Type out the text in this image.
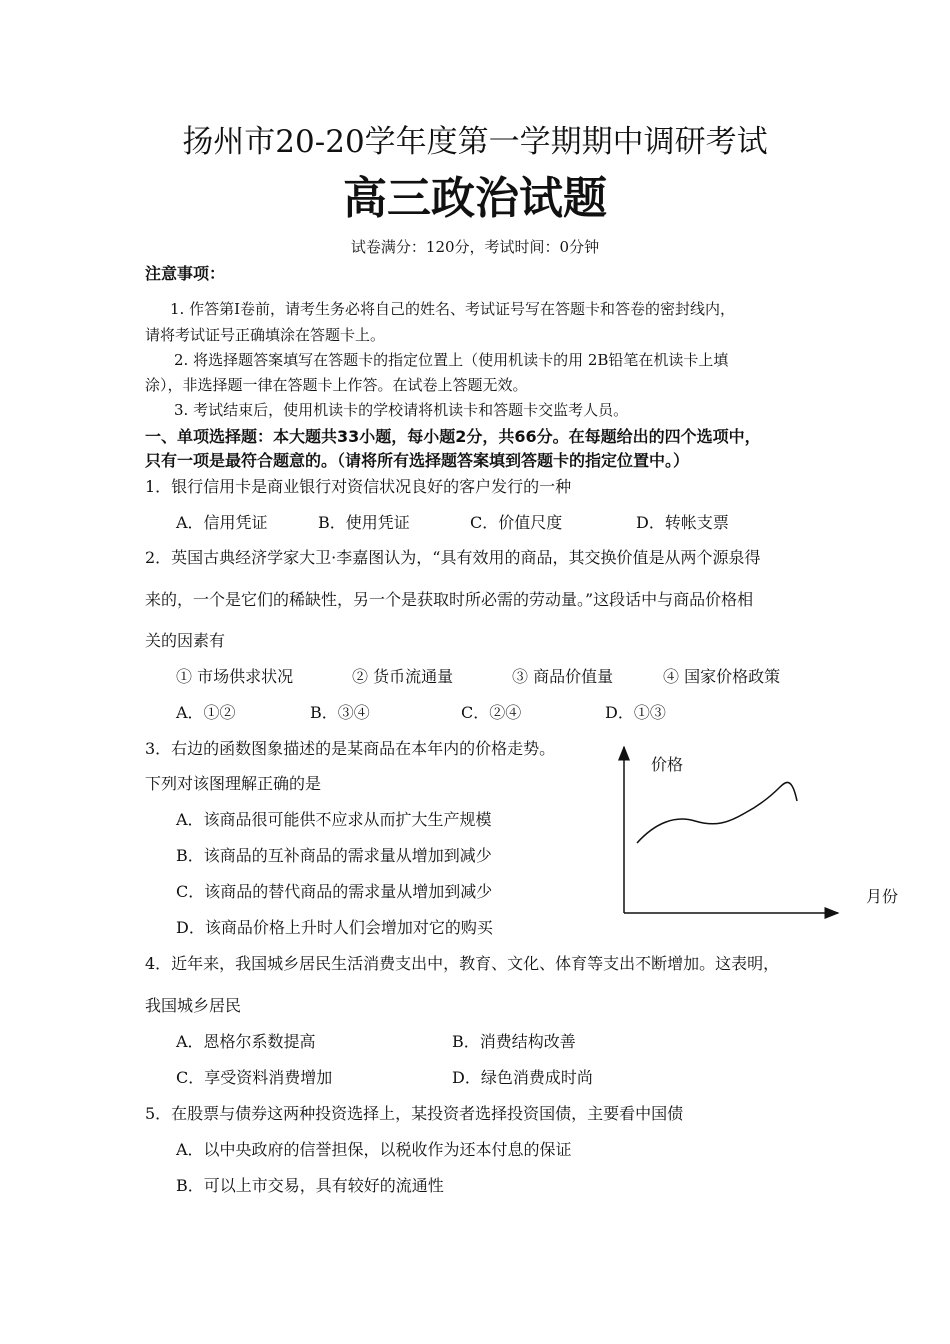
扬州市20-20学年度第一学期期中调研考试
高三政治试题
试卷满分：120分，考试时间：0分钟
注意事项：
1. 作答第Ⅰ卷前，请考生务必将自己的姓名、考试证号写在答题卡和答卷的密封线内，
请将考试证号正确填涂在答题卡上。
2. 将选择题答案填写在答题卡的指定位置上（使用机读卡的用 2B铅笔在机读卡上填
涂），非选择题一律在答题卡上作答。在试卷上答题无效。
3. 考试结束后，使用机读卡的学校请将机读卡和答题卡交监考人员。
一、单项选择题：本大题共33小题，每小题2分，共66分。在每题给出的四个选项中，
只有一项是最符合题意的。（请将所有选择题答案填到答题卡的指定位置中。）
1．银行信用卡是商业银行对资信状况良好的客户发行的一种
A．信用凭证	B．使用凭证	C．价值尺度	D．转帐支票
2．英国古典经济学家大卫·李嘉图认为，“具有效用的商品，其交换价值是从两个源泉得
来的，一个是它们的稀缺性，另一个是获取时所必需的劳动量。”这段话中与商品价格相
关的因素有
① 市场供求状况	② 货币流通量	③ 商品价值量	④ 国家价格政策
A．①②	B．③④	C．②④	D．①③
3．右边的函数图象描述的是某商品在本年内的价格走势。
下列对该图理解正确的是
A．该商品很可能供不应求从而扩大生产规模
B．该商品的互补商品的需求量从增加到减少
C．该商品的替代商品的需求量从增加到减少
D．该商品价格上升时人们会增加对它的购买
价格
月份
4．近年来，我国城乡居民生活消费支出中，教育、文化、体育等支出不断增加。这表明，
我国城乡居民
A．恩格尔系数提高	B．消费结构改善
C．享受资料消费增加	D．绿色消费成时尚
5．在股票与债券这两种投资选择上，某投资者选择投资国债，主要看中国债
A．以中央政府的信誉担保，以税收作为还本付息的保证
B．可以上市交易，具有较好的流通性
